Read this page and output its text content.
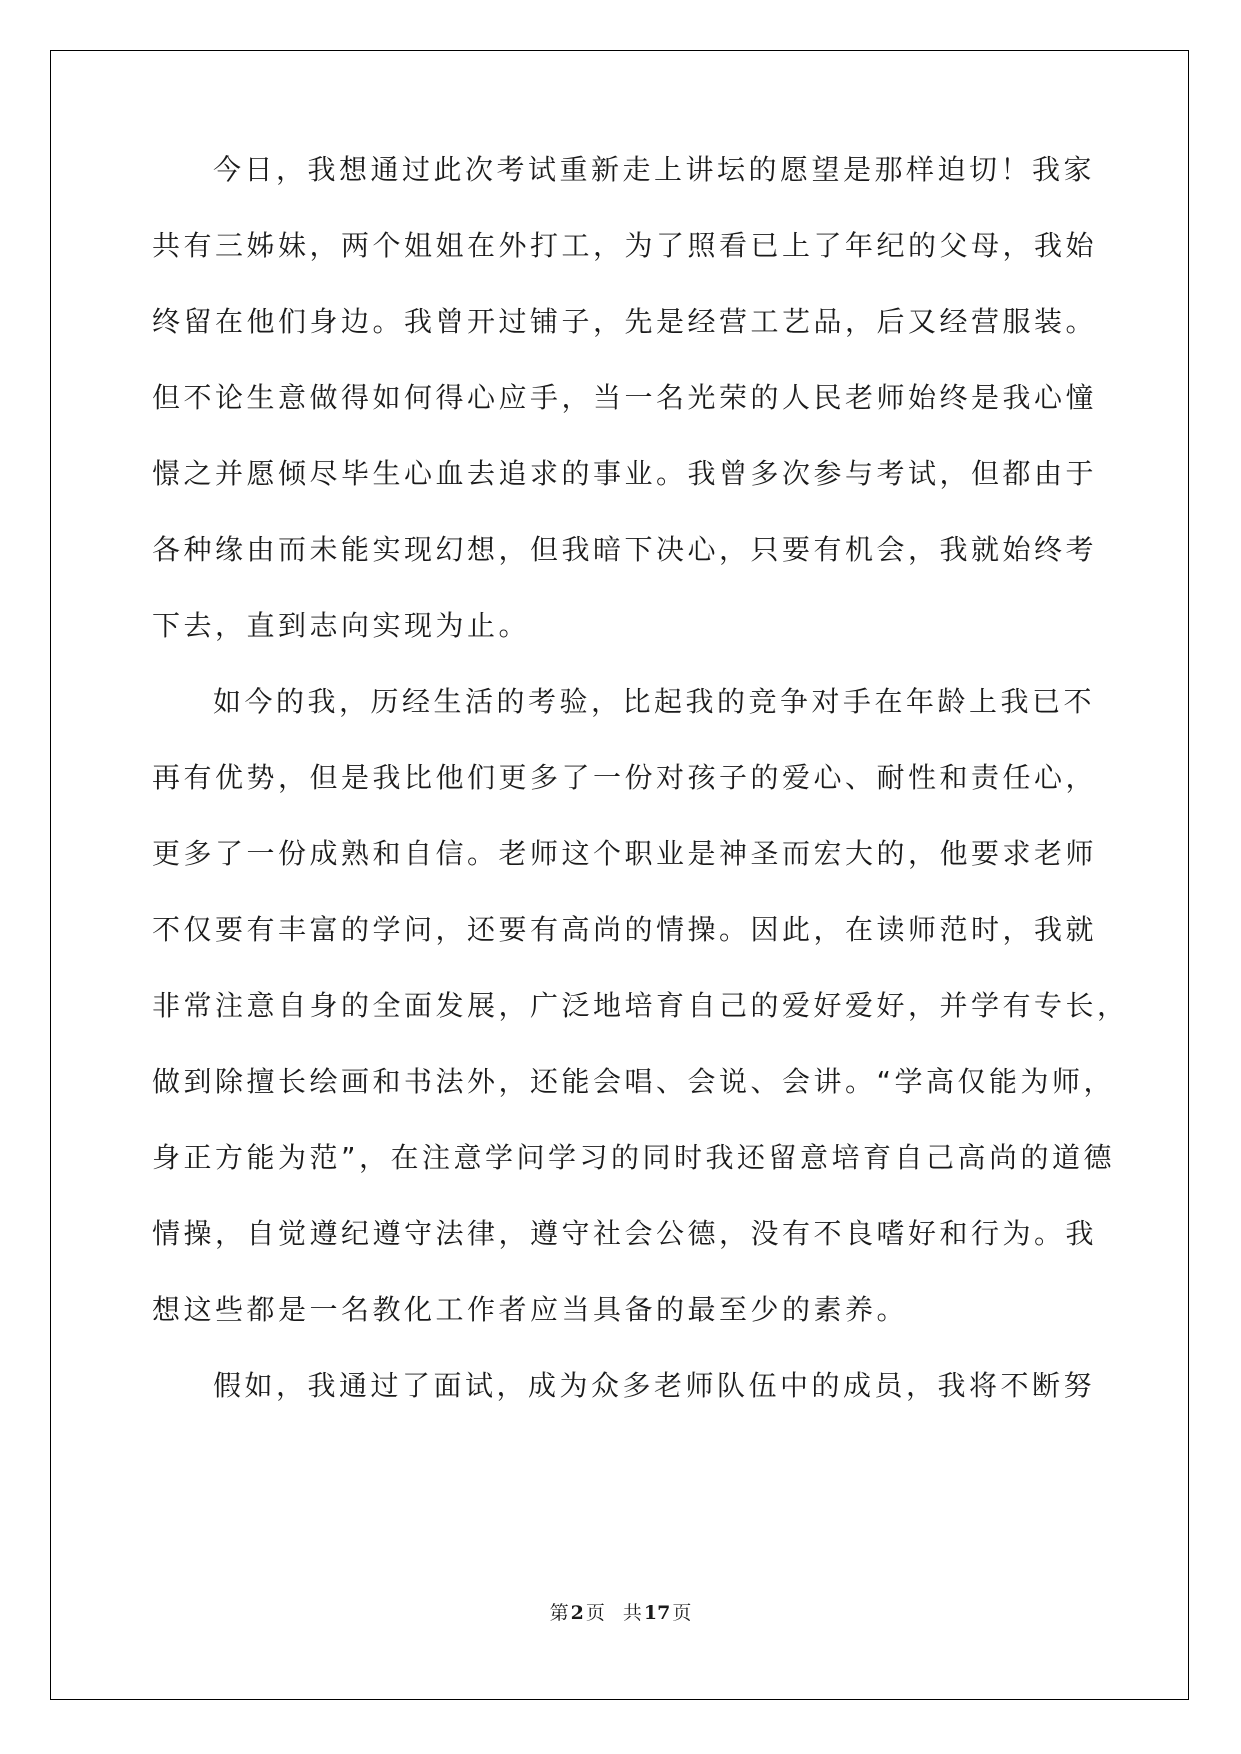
今日，我想通过此次考试重新走上讲坛的愿望是那样迫切！我家
共有三姊妹，两个姐姐在外打工，为了照看已上了年纪的父母，我始
终留在他们身边。我曾开过铺子，先是经营工艺品，后又经营服装。
但不论生意做得如何得心应手，当一名光荣的人民老师始终是我心憧
憬之并愿倾尽毕生心血去追求的事业。我曾多次参与考试，但都由于
各种缘由而未能实现幻想，但我暗下决心，只要有机会，我就始终考
下去，直到志向实现为止。
如今的我，历经生活的考验，比起我的竞争对手在年龄上我已不
再有优势，但是我比他们更多了一份对孩子的爱心、耐性和责任心，
更多了一份成熟和自信。老师这个职业是神圣而宏大的，他要求老师
不仅要有丰富的学问，还要有高尚的情操。因此，在读师范时，我就
非常注意自身的全面发展，广泛地培育自己的爱好爱好，并学有专长，
做到除擅长绘画和书法外，还能会唱、会说、会讲。“学高仅能为师，
身正方能为范”，在注意学问学习的同时我还留意培育自己高尚的道德
情操，自觉遵纪遵守法律，遵守社会公德，没有不良嗜好和行为。我
想这些都是一名教化工作者应当具备的最至少的素养。
假如，我通过了面试，成为众多老师队伍中的成员，我将不断努
第 2 页 共 17 页
